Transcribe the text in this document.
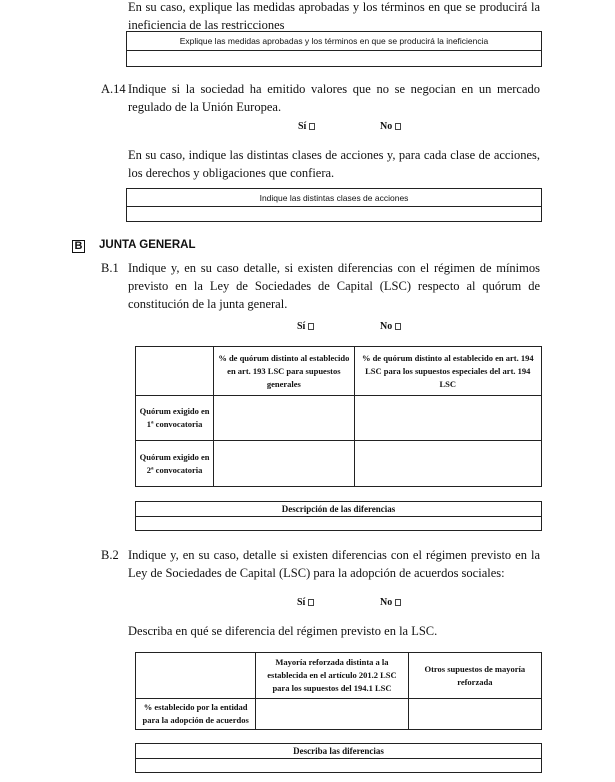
En su caso, explique las medidas aprobadas y los términos en que se producirá la ineficiencia de las restricciones
Explique las medidas aprobadas y los términos en que se producirá la ineficiencia
A.14 Indique si la sociedad ha emitido valores que no se negocian en un mercado regulado de la Unión Europea.
Sí	No
En su caso, indique las distintas clases de acciones y, para cada clase de acciones, los derechos y obligaciones que confiera.
Indique las distintas clases de acciones
B JUNTA GENERAL
B.1 Indique y, en su caso detalle, si existen diferencias con el régimen de mínimos previsto en la Ley de Sociedades de Capital (LSC) respecto al quórum de constitución de la junta general.
Sí	No
	% de quórum distinto al establecido en art. 193 LSC para supuestos generales	% de quórum distinto al establecido en art. 194 LSC para los supuestos especiales del art. 194 LSC
Quórum exigido en 1ª convocatoria		
Quórum exigido en 2ª convocatoria		
Descripción de las diferencias
B.2 Indique y, en su caso, detalle si existen diferencias con el régimen previsto en la Ley de Sociedades de Capital (LSC) para la adopción de acuerdos sociales:
Sí	No
Describa en qué se diferencia del régimen previsto en la LSC.
	Mayoría reforzada distinta a la establecida en el artículo 201.2 LSC para los supuestos del 194.1 LSC	Otros supuestos de mayoría reforzada
% establecido por la entidad para la adopción de acuerdos		
Describa las diferencias
